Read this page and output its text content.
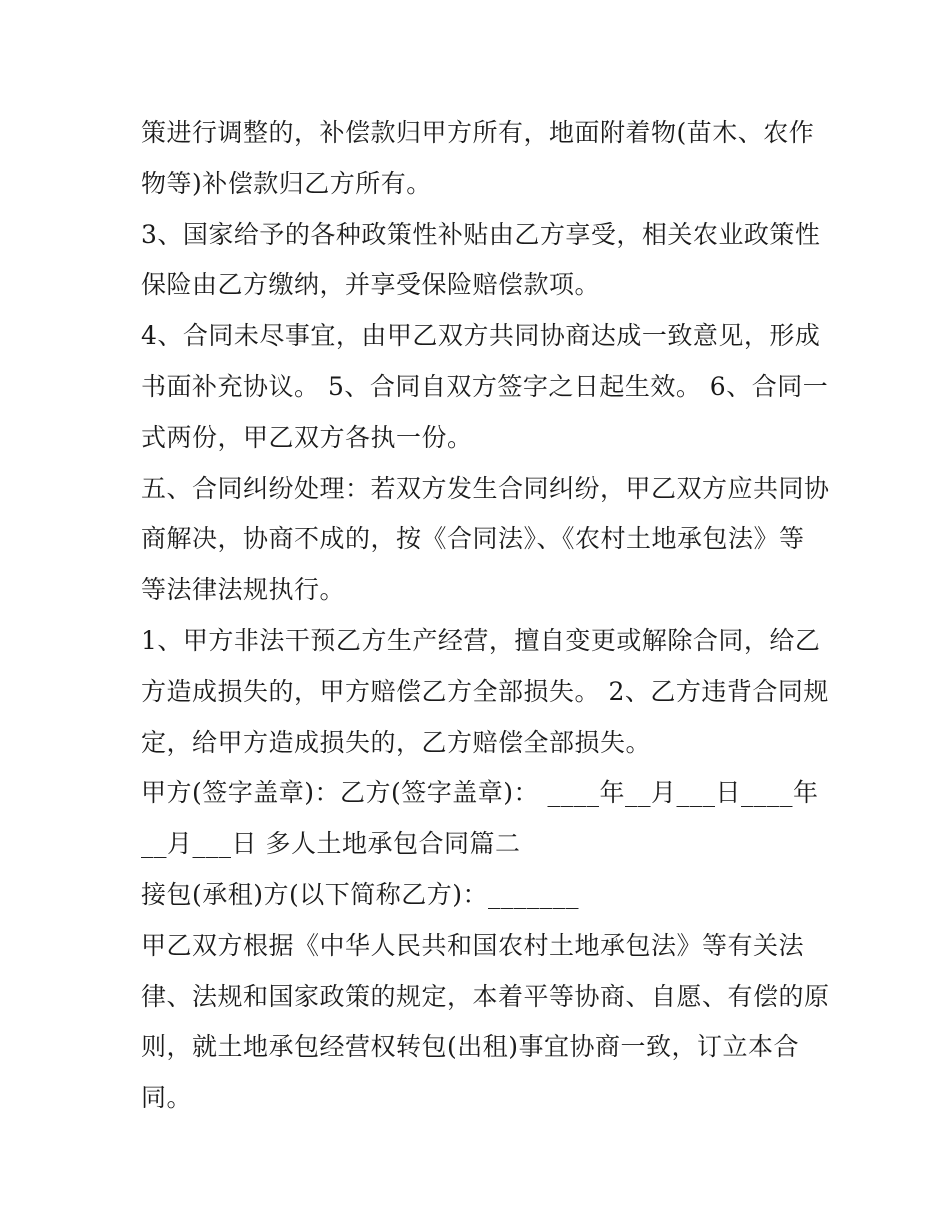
策进行调整的，补偿款归甲方所有，地面附着物(苗木、农作
物等)补偿款归乙方所有。
3、国家给予的各种政策性补贴由乙方享受，相关农业政策性
保险由乙方缴纳，并享受保险赔偿款项。
4、合同未尽事宜，由甲乙双方共同协商达成一致意见，形成
书面补充协议。 5、合同自双方签字之日起生效。 6、合同一
式两份，甲乙双方各执一份。
五、合同纠纷处理：若双方发生合同纠纷，甲乙双方应共同协
商解决，协商不成的，按《合同法》、《农村土地承包法》等
等法律法规执行。
1、甲方非法干预乙方生产经营，擅自变更或解除合同，给乙
方造成损失的，甲方赔偿乙方全部损失。 2、乙方违背合同规
定，给甲方造成损失的，乙方赔偿全部损失。
甲方(签字盖章)：乙方(签字盖章)： ____年__月___日____年
__月___日 多人土地承包合同篇二
接包(承租)方(以下简称乙方)：_______
甲乙双方根据《中华人民共和国农村土地承包法》等有关法
律、法规和国家政策的规定，本着平等协商、自愿、有偿的原
则，就土地承包经营权转包(出租)事宜协商一致，订立本合
同。
